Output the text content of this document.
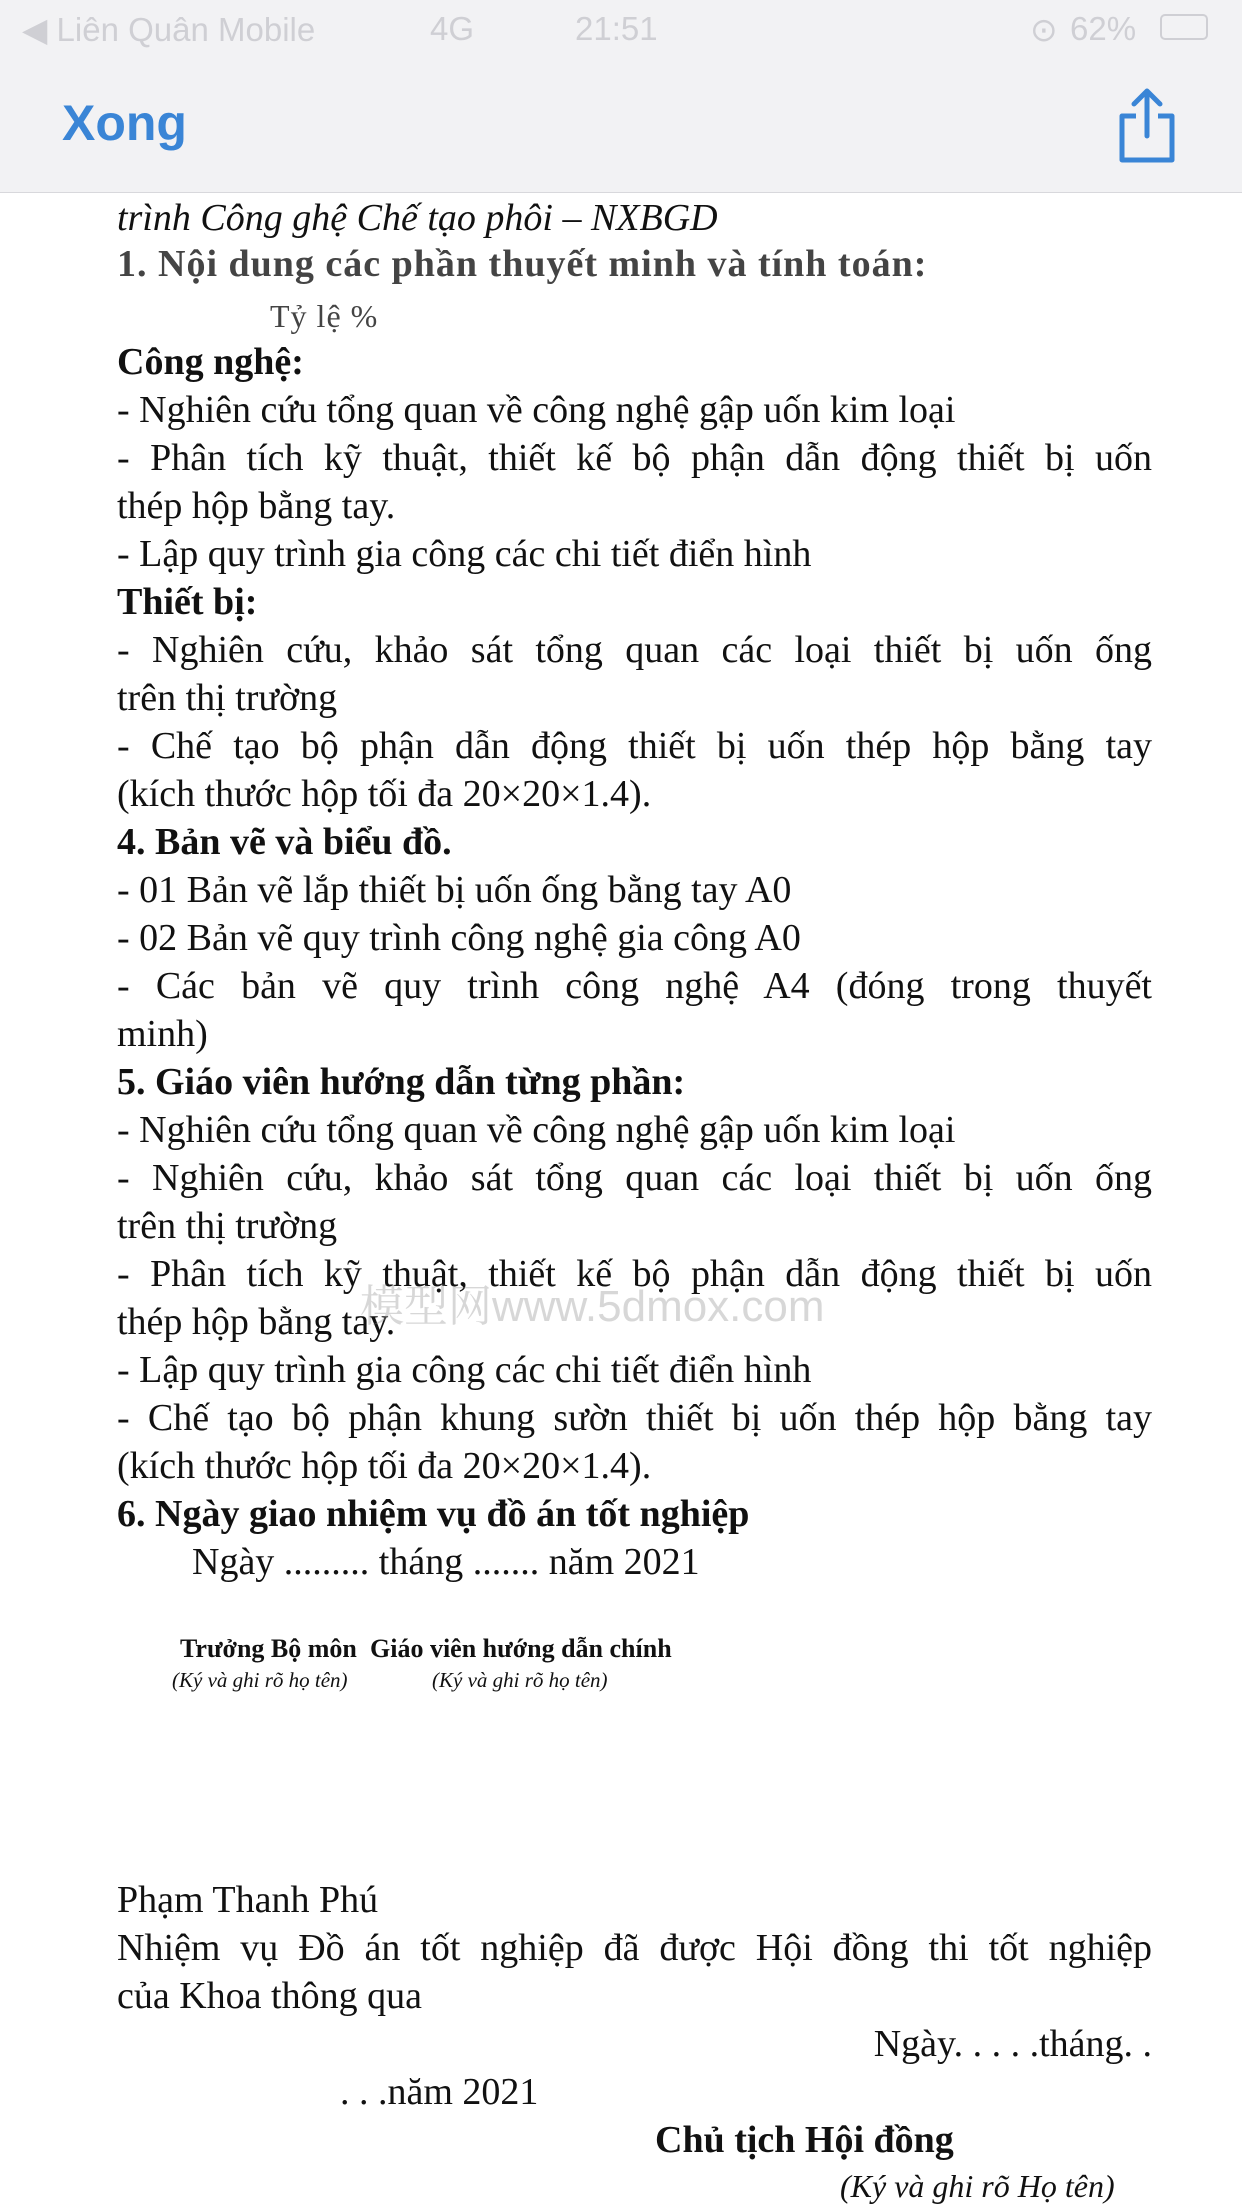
◀ Liên Quân Mobile	4G	21:51	⊙ 62%
Xong
trình Công ghệ Chế tạo phôi – NXBGD
1. Nội dung các phần thuyết minh và tính toán:
Tỷ lệ %
Công nghệ:
- Nghiên cứu tổng quan về công nghệ gập uốn kim loại
- Phân tích kỹ thuật, thiết kế bộ phận dẫn động thiết bị uốn
thép hộp bằng tay.
- Lập quy trình gia công các chi tiết điển hình
Thiết bị:
- Nghiên cứu, khảo sát tổng quan các loại thiết bị uốn ống
trên thị trường
- Chế tạo bộ phận dẫn động thiết bị uốn thép hộp bằng tay
(kích thước hộp tối đa 20×20×1.4).
4. Bản vẽ và biểu đồ.
- 01 Bản vẽ lắp thiết bị uốn ống bằng tay A0
- 02 Bản vẽ quy trình công nghệ gia công A0
- Các bản vẽ quy trình công nghệ A4 (đóng trong thuyết
minh)
5. Giáo viên hướng dẫn từng phần:
- Nghiên cứu tổng quan về công nghệ gập uốn kim loại
- Nghiên cứu, khảo sát tổng quan các loại thiết bị uốn ống
trên thị trường
- Phân tích kỹ thuật, thiết kế bộ phận dẫn động thiết bị uốn
thép hộp bằng tay.
- Lập quy trình gia công các chi tiết điển hình
- Chế tạo bộ phận khung sườn thiết bị uốn thép hộp bằng tay
(kích thước hộp tối đa 20×20×1.4).
6. Ngày giao nhiệm vụ đồ án tốt nghiệp
Ngày ......... tháng ....... năm 2021
Trưởng Bộ môn Giáo viên hướng dẫn chính
(Ký và ghi rõ họ tên)	(Ký và ghi rõ họ tên)
Phạm Thanh Phú
Nhiệm vụ Đồ án tốt nghiệp đã được Hội đồng thi tốt nghiệp
của Khoa thông qua
Ngày. . . . .tháng. .
. . .năm 2021
Chủ tịch Hội đồng
(Ký và ghi rõ Họ tên)
模型网www.5dmox.com
